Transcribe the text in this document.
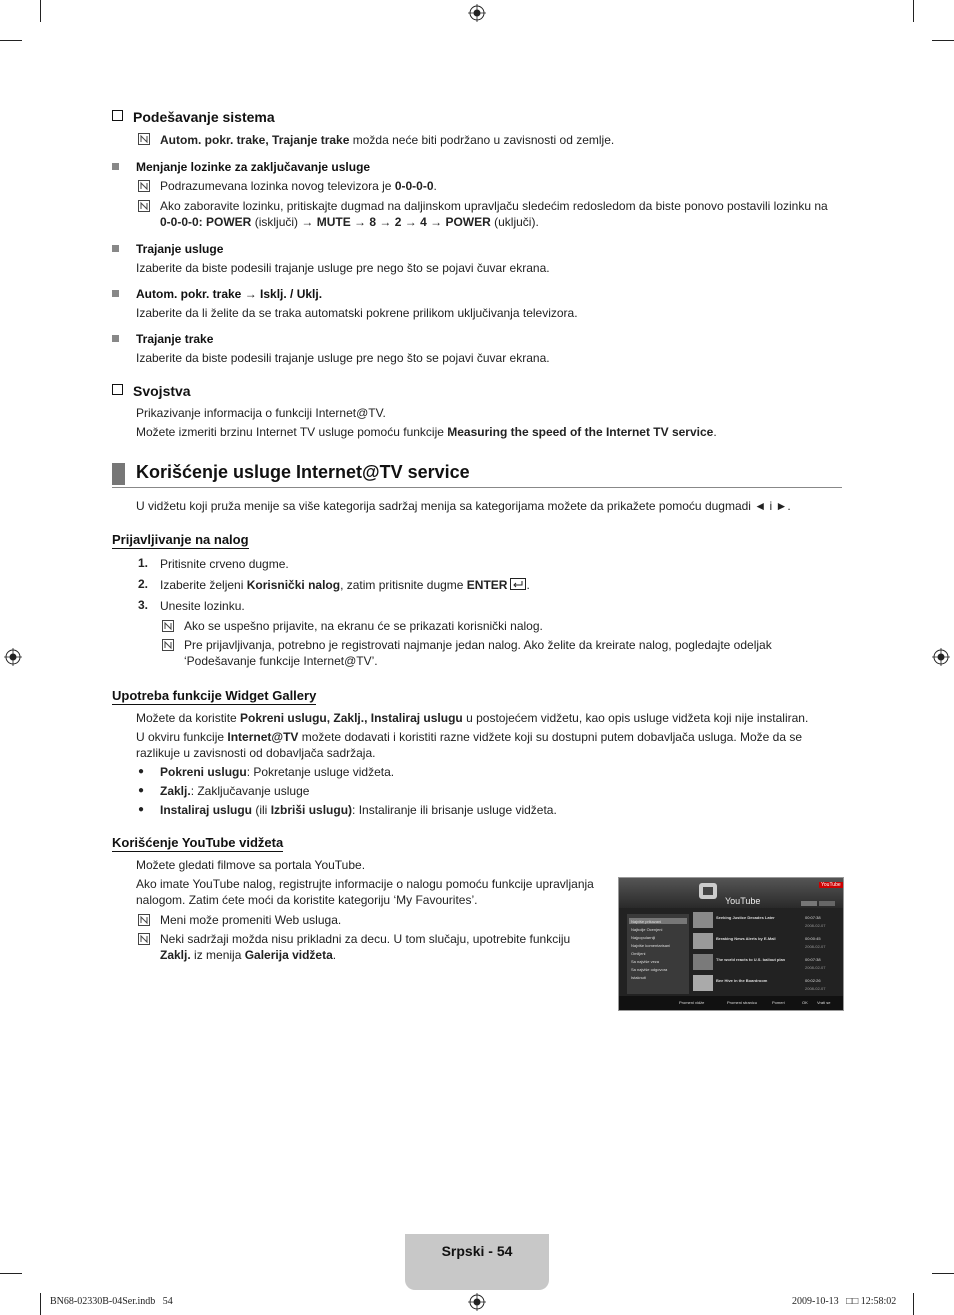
Podešavanje sistema
Autom. pokr. trake, Trajanje trake možda neće biti podržano u zavisnosti od zemlje.
Menjanje lozinke za zaključavanje usluge
Podrazumevana lozinka novog televizora je 0-0-0-0.
Ako zaboravite lozinku, pritiskajte dugmad na daljinskom upravljaču sledećim redosledom da biste ponovo postavili lozinku na
0-0-0-0: POWER (isključi) → MUTE → 8 → 2 → 4 → POWER (uključi).
Trajanje usluge
Izaberite da biste podesili trajanje usluge pre nego što se pojavi čuvar ekrana.
Autom. pokr. trake → Isklj. / Uklj.
Izaberite da li želite da se traka automatski pokrene prilikom uključivanja televizora.
Trajanje trake
Izaberite da biste podesili trajanje usluge pre nego što se pojavi čuvar ekrana.
Svojstva
Prikazivanje informacija o funkciji Internet@TV.
Možete izmeriti brzinu Internet TV usluge pomoću funkcije Measuring the speed of the Internet TV service.
Korišćenje usluge Internet@TV service
U vidžetu koji pruža menije sa više kategorija sadržaj menija sa kategorijama možete da prikažete pomoću dugmadi ◄ i ►.
Prijavljivanje na nalog
1. Pritisnite crveno dugme.
2. Izaberite željeni Korisnički nalog, zatim pritisnite dugme ENTER .
3. Unesite lozinku.
Ako se uspešno prijavite, na ekranu će se prikazati korisnički nalog.
Pre prijavljivanja, potrebno je registrovati najmanje jedan nalog. Ako želite da kreirate nalog, pogledajte odeljak
‘Podešavanje funkcije Internet@TV’.
Upotreba funkcije Widget Gallery
Možete da koristite Pokreni uslugu, Zaklj., Instaliraj uslugu u postojećem vidžetu, kao opis usluge vidžeta koji nije instaliran.
U okviru funkcije Internet@TV možete dodavati i koristiti razne vidžete koji su dostupni putem dobavljača usluga. Može da se
razlikuje u zavisnosti od dobavljača sadržaja.
● Pokreni uslugu: Pokretanje usluge vidžeta.
● Zaklj.: Zaključavanje usluge
● Instaliraj uslugu (ili Izbriši uslugu): Instaliranje ili brisanje usluge vidžeta.
Korišćenje YouTube vidžeta
Možete gledati filmove sa portala YouTube.
Ako imate YouTube nalog, registrujte informacije o nalogu pomoću funkcije upravljanja
nalogom. Zatim ćete moći da koristite kategoriju ‘My Favourites’.
Meni može promeniti Web usluga.
Neki sadržaji možda nisu prikladni za decu. U tom slučaju, upotrebite funkciju
Zaklj. iz menija Galerija vidžeta.
YouTube
YouTube
Najviše prikazani
Najbolje Ocenjeni
Najpopularniji
Najviše komentarisani
Omiljeni
Sa najviše veza
Sa najviše odgovora
Istaknuti
Seeking Justice Decades Later	00:07:38
2008-02-07
Breaking News Alerts by E-Mail	00:00:45
2008-02-07
The world reacts to U.S. bailout plan	00:07:38
2008-02-07
Bee Hive in the Boardroom	00:02:26
2008-02-07
Promeni vidže	Promeni stranicu	Pomeri	OK Vrati se
Srpski - 54
BN68-02330B-04Ser.indb   54	2009-10-13   □□ 12:58:02
